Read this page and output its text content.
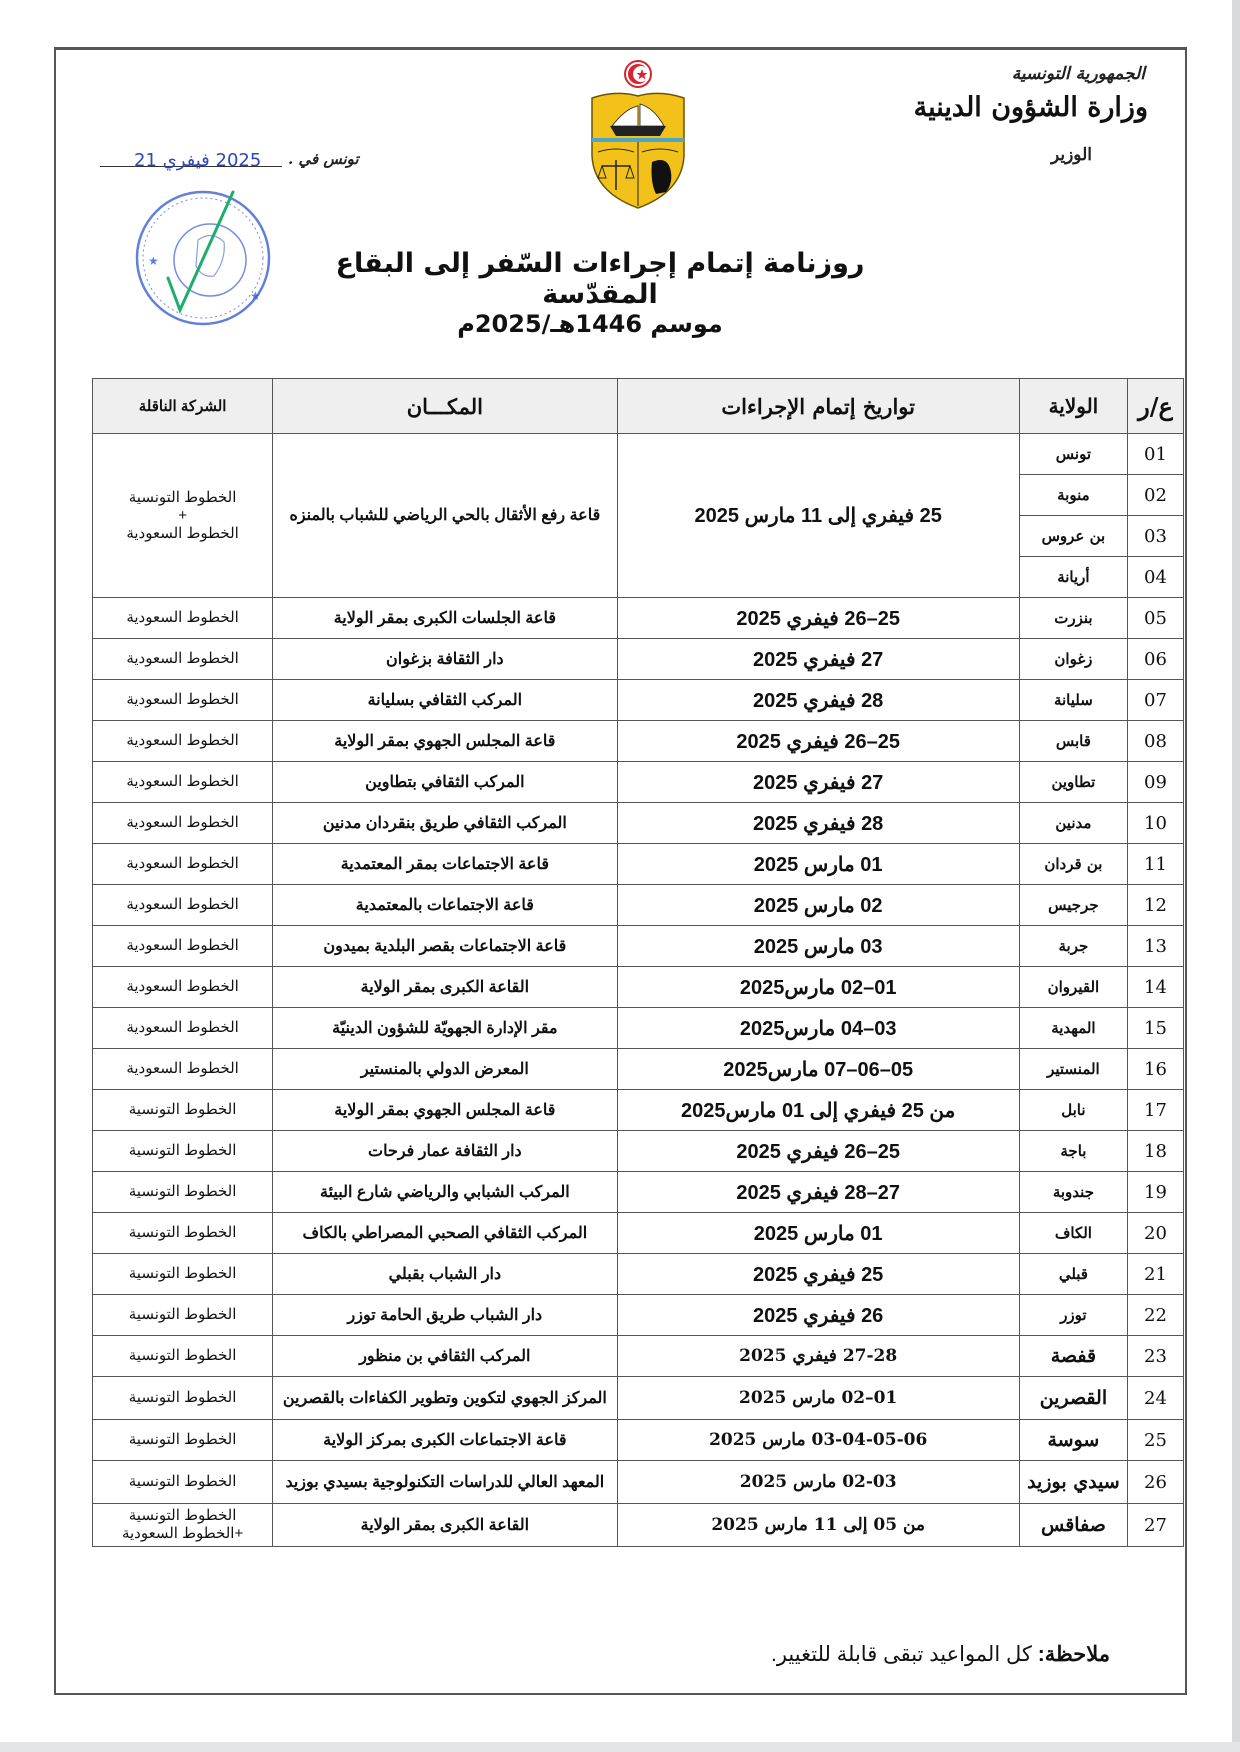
الجمهورية التونسية
وزارة الشؤون الدينية
الوزير
تونس في .
2025 فيفري 21
★
★
روزنامة إتمام إجراءات السّفر إلى البقاع المقدّسة
موسم 1446هـ/2025م
ع/ر	الولاية	تواريخ إتمام الإجراءات	المكـــان	الشركة الناقلة
01	تونس	25 فيفري إلى 11 مارس 2025	قاعة رفع الأثقال بالحي الرياضي للشباب بالمنزه	الخطوط التونسية
+
الخطوط السعودية

02	منوبة			
03	بن عروس			
04	أريانة			
05	بنزرت	25–26 فيفري 2025	قاعة الجلسات الكبرى بمقر الولاية	الخطوط السعودية
06	زغوان	27 فيفري 2025	دار الثقافة بزغوان	الخطوط السعودية
07	سليانة	28 فيفري 2025	المركب الثقافي بسليانة	الخطوط السعودية
08	قابس	25–26 فيفري 2025	قاعة المجلس الجهوي بمقر الولاية	الخطوط السعودية
09	تطاوين	27 فيفري 2025	المركب الثقافي بتطاوين	الخطوط السعودية
10	مدنين	28 فيفري 2025	المركب الثقافي طريق بنقردان مدنين	الخطوط السعودية
11	بن قردان	01 مارس 2025	قاعة الاجتماعات بمقر المعتمدية	الخطوط السعودية
12	جرجيس	02 مارس 2025	قاعة الاجتماعات بالمعتمدية	الخطوط السعودية
13	جربة	03 مارس 2025	قاعة الاجتماعات بقصر البلدية بميدون	الخطوط السعودية
14	القيروان	01–02 مارس2025	القاعة الكبرى بمقر الولاية	الخطوط السعودية
15	المهدية	03–04 مارس2025	مقر الإدارة الجهويّة للشؤون الدينيّة	الخطوط السعودية
16	المنستير	05–06–07 مارس2025	المعرض الدولي بالمنستير	الخطوط السعودية
17	نابل	من 25 فيفري إلى 01 مارس2025	قاعة المجلس الجهوي بمقر الولاية	الخطوط التونسية
18	باجة	25–26 فيفري 2025	دار الثقافة عمار فرحات	الخطوط التونسية
19	جندوبة	27–28 فيفري 2025	المركب الشبابي والرياضي شارع البيئة	الخطوط التونسية
20	الكاف	01 مارس 2025	المركب الثقافي الصحبي المصراطي بالكاف	الخطوط التونسية
21	قبلي	25 فيفري 2025	دار الشباب بقبلي	الخطوط التونسية
22	توزر	26 فيفري 2025	دار الشباب طريق الحامة توزر	الخطوط التونسية
23	قفصة	27-28 فيفري 2025	المركب الثقافي بن منظور	الخطوط التونسية
24	القصرين	01–02 مارس 2025	المركز الجهوي لتكوين وتطوير الكفاءات بالقصرين	الخطوط التونسية
25	سوسة	03-04-05-06 مارس 2025	قاعة الاجتماعات الكبرى بمركز الولاية	الخطوط التونسية
26	سيدي بوزيد	02-03 مارس 2025	المعهد العالي للدراسات التكنولوجية بسيدي بوزيد	الخطوط التونسية
27	صفاقس	من 05 إلى 11 مارس 2025	القاعة الكبرى بمقر الولاية	الخطوط التونسية +الخطوط السعودية
ملاحظة: كل المواعيد تبقى قابلة للتغيير.
